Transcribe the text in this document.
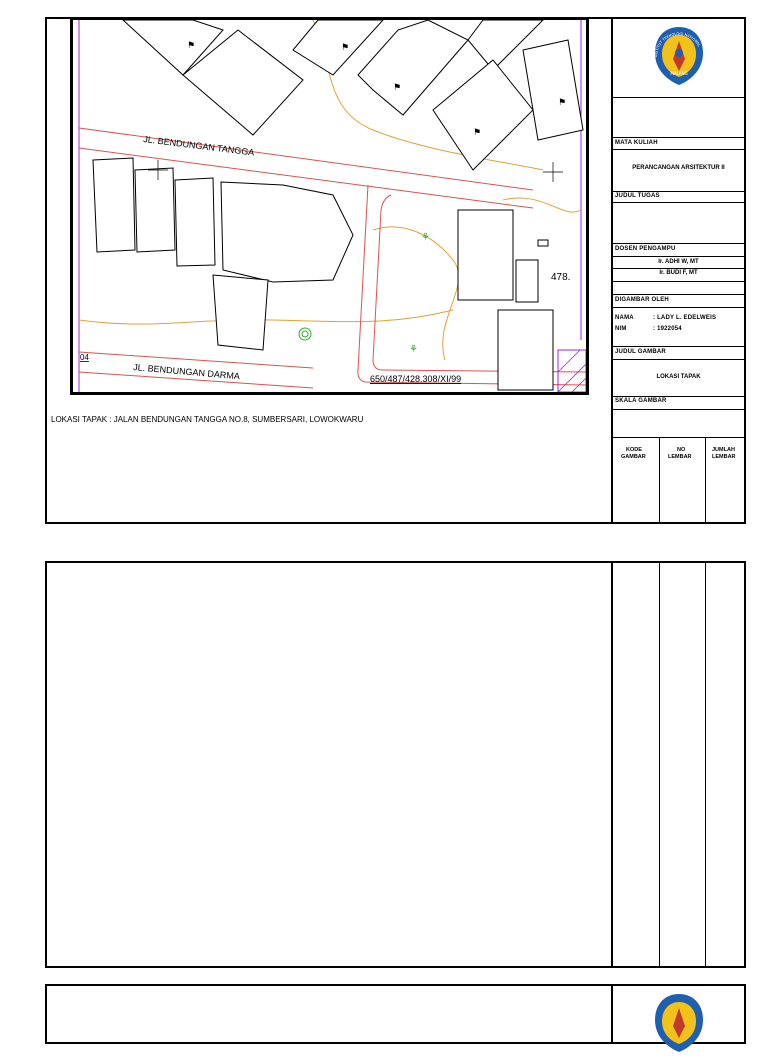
⚑	⚑
⚑
⚑
⚑
⚘
⚘
JL. BENDUNGAN TANGGA
JL. BENDUNGAN DARMA	650/487/428.308/XI/99
478.
04
LOKASI TAPAK : JALAN BENDUNGAN TANGGA NO.8, SUMBERSARI, LOWOKWARU
INSTITUT TEKNOLOGI NASIONAL
MALANG
MATA KULIAH
PERANCANGAN ARSITEKTUR II
JUDUL TUGAS
DOSEN PENGAMPU
Ir. ADHI W, MT
Ir. BUDI F, MT
DIGAMBAR OLEH
NAMA	: LADY L. EDELWEIS
NIM	: 1922054
JUDUL GAMBAR
LOKASI TAPAK
SKALA GAMBAR
KODE
GAMBAR
NO
LEMBAR
JUMLAH
LEMBAR
